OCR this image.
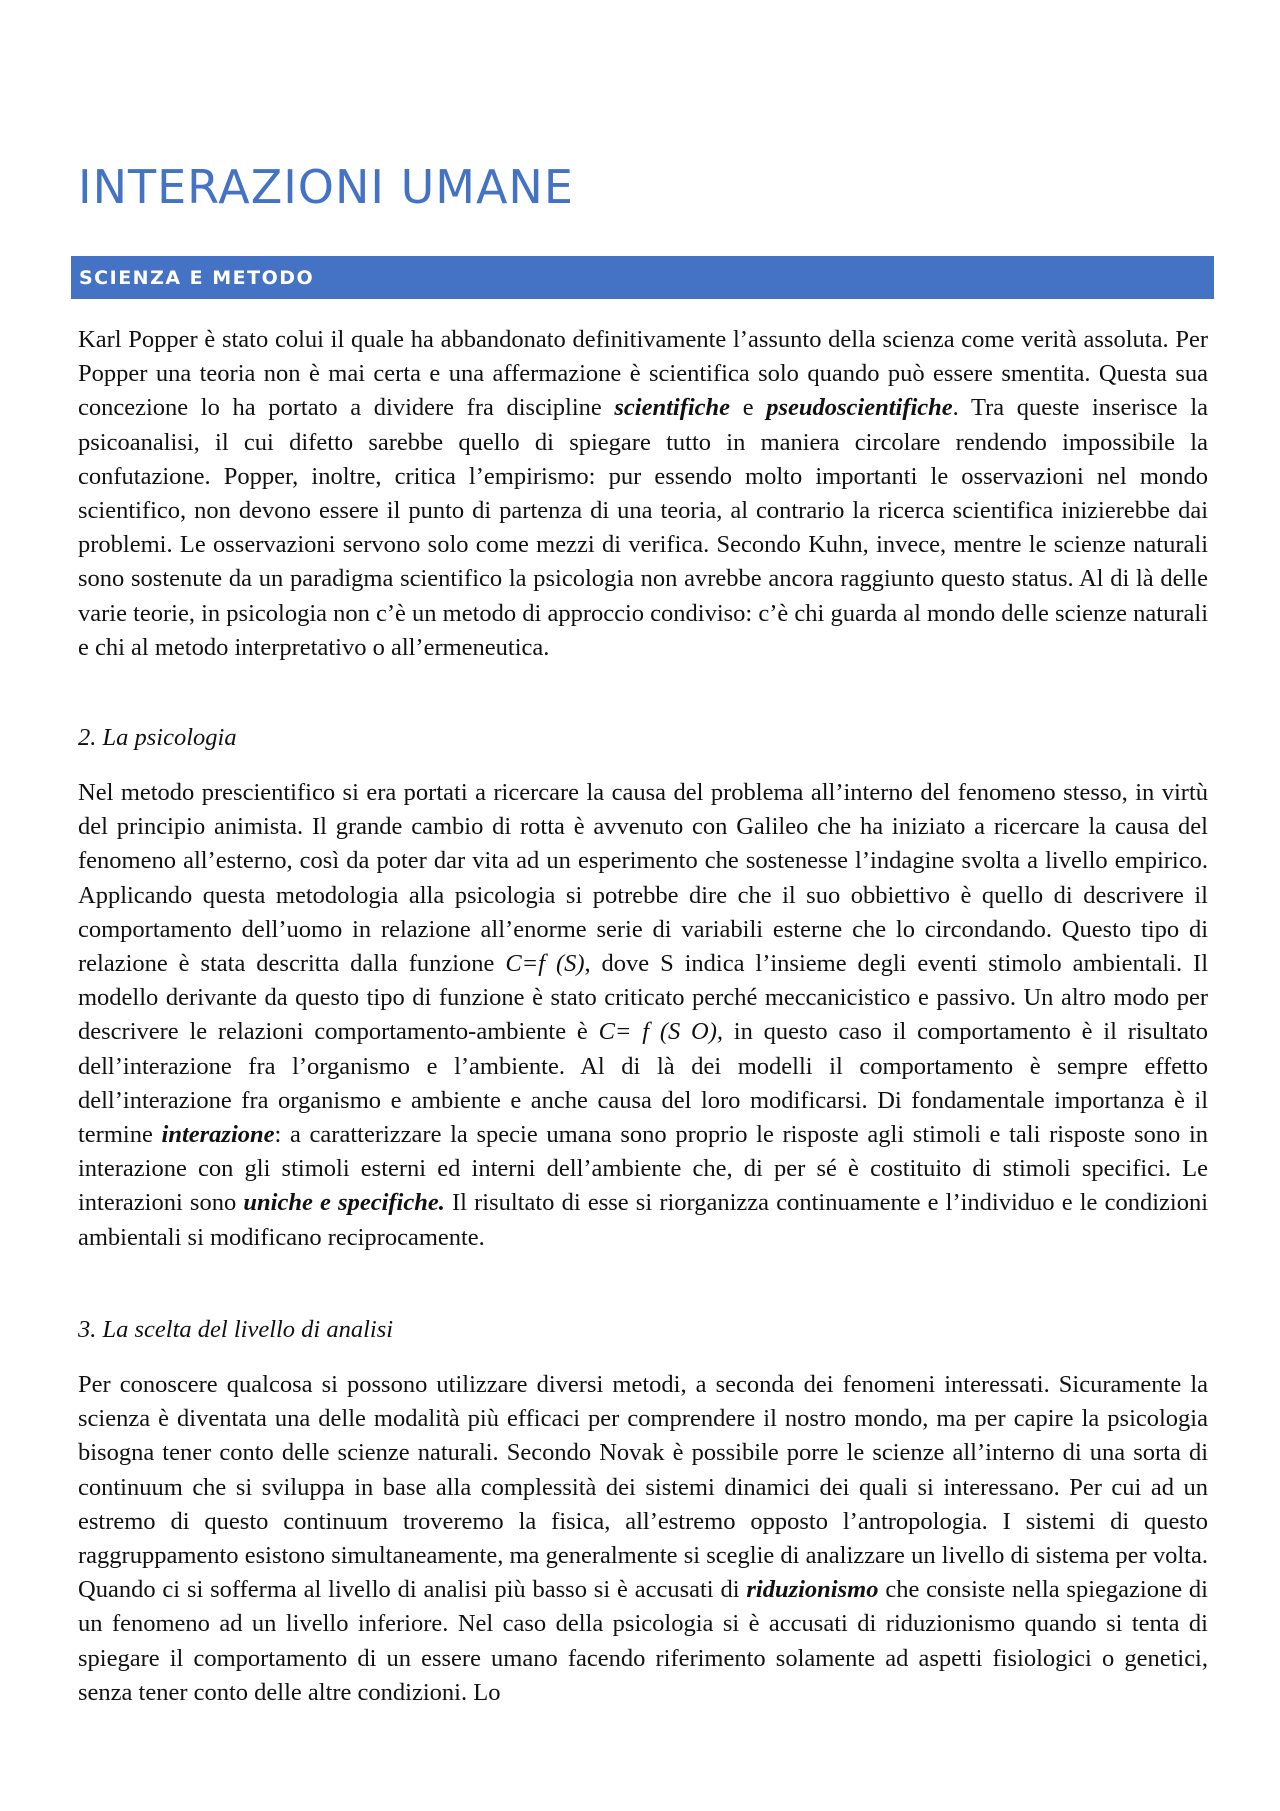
INTERAZIONI UMANE
SCIENZA E METODO

Karl Popper è stato colui il quale ha abbandonato definitivamente l’assunto della scienza come verità assoluta. Per Popper una teoria non è mai certa e una affermazione è scientifica solo quando può essere smentita. Questa sua concezione lo ha portato a dividere fra discipline scientifiche e pseudoscientifiche. Tra queste inserisce la psicoanalisi, il cui difetto sarebbe quello di spiegare tutto in maniera circolare rendendo impossibile la confutazione. Popper, inoltre, critica l’empirismo: pur essendo molto importanti le osservazioni nel mondo scientifico, non devono essere il punto di partenza di una teoria, al contrario la ricerca scientifica inizierebbe dai problemi. Le osservazioni servono solo come mezzi di verifica. Secondo Kuhn, invece, mentre le scienze naturali sono sostenute da un paradigma scientifico la psicologia non avrebbe ancora raggiunto questo status. Al di là delle varie teorie, in psicologia non c’è un metodo di approccio condiviso: c’è chi guarda al mondo delle scienze naturali e chi al metodo interpretativo o all’ermeneutica.

2. La psicologia

Nel metodo prescientifico si era portati a ricercare la causa del problema all’interno del fenomeno stesso, in virtù del principio animista. Il grande cambio di rotta è avvenuto con Galileo che ha iniziato a ricercare la causa del fenomeno all’esterno, così da poter dar vita ad un esperimento che sostenesse l’indagine svolta a livello empirico. Applicando questa metodologia alla psicologia si potrebbe dire che il suo obbiettivo è quello di descrivere il comportamento dell’uomo in relazione all’enorme serie di variabili esterne che lo circondando. Questo tipo di relazione è stata descritta dalla funzione C=f (S), dove S indica l’insieme degli eventi stimolo ambientali. Il modello derivante da questo tipo di funzione è stato criticato perché meccanicistico e passivo. Un altro modo per descrivere le relazioni comportamento-ambiente è C= f (S O), in questo caso il comportamento è il risultato dell’interazione fra l’organismo e l’ambiente. Al di là dei modelli il comportamento è sempre effetto dell’interazione fra organismo e ambiente e anche causa del loro modificarsi. Di fondamentale importanza è il termine interazione: a caratterizzare la specie umana sono proprio le risposte agli stimoli e tali risposte sono in interazione con gli stimoli esterni ed interni dell’ambiente che, di per sé è costituito di stimoli specifici. Le interazioni sono uniche e specifiche. Il risultato di esse si riorganizza continuamente e l’individuo e le condizioni ambientali si modificano reciprocamente.

3. La scelta del livello di analisi

Per conoscere qualcosa si possono utilizzare diversi metodi, a seconda dei fenomeni interessati. Sicuramente la scienza è diventata una delle modalità più efficaci per comprendere il nostro mondo, ma per capire la psicologia bisogna tener conto delle scienze naturali. Secondo Novak è possibile porre le scienze all’interno di una sorta di continuum che si sviluppa in base alla complessità dei sistemi dinamici dei quali si interessano. Per cui ad un estremo di questo continuum troveremo la fisica, all’estremo opposto l’antropologia. I sistemi di questo raggruppamento esistono simultaneamente, ma generalmente si sceglie di analizzare un livello di sistema per volta. Quando ci si sofferma al livello di analisi più basso si è accusati di riduzionismo che consiste nella spiegazione di un fenomeno ad un livello inferiore. Nel caso della psicologia si è accusati di riduzionismo quando si tenta di spiegare il comportamento di un essere umano facendo riferimento solamente ad aspetti fisiologici o genetici, senza tener conto delle altre condizioni. Lo
